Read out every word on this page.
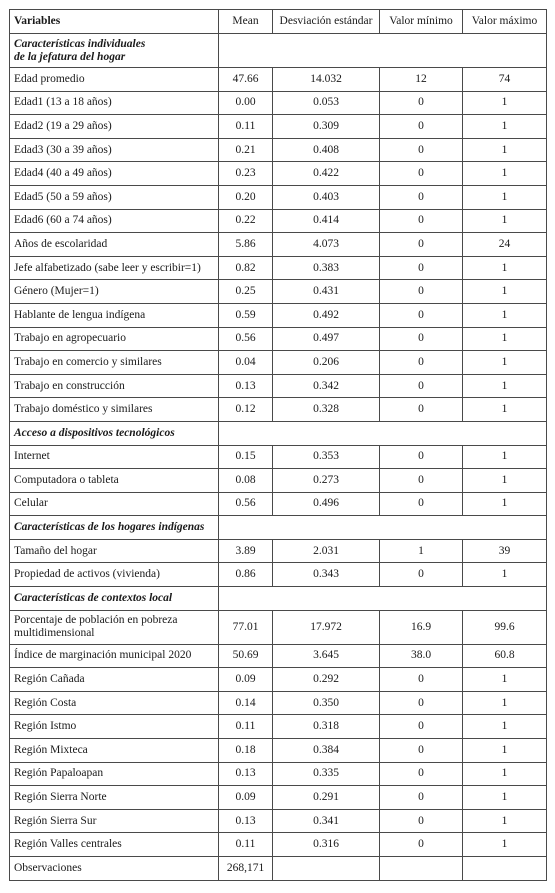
Variables	Mean	Desviación estándar	Valor mínimo	Valor máximo
Características individuales
de la jefatura del hogar				
Edad promedio	47.66	14.032	12	74
Edad1 (13 a 18 años)	0.00	0.053	0	1
Edad2 (19 a 29 años)	0.11	0.309	0	1
Edad3 (30 a 39 años)	0.21	0.408	0	1
Edad4 (40 a 49 años)	0.23	0.422	0	1
Edad5 (50 a 59 años)	0.20	0.403	0	1
Edad6 (60 a 74 años)	0.22	0.414	0	1
Años de escolaridad	5.86	4.073	0	24
Jefe alfabetizado (sabe leer y escribir=1)	0.82	0.383	0	1
Género (Mujer=1)	0.25	0.431	0	1
Hablante de lengua indígena	0.59	0.492	0	1
Trabajo en agropecuario	0.56	0.497	0	1
Trabajo en comercio y similares	0.04	0.206	0	1
Trabajo en construcción	0.13	0.342	0	1
Trabajo doméstico y similares	0.12	0.328	0	1
Acceso a dispositivos tecnológicos				
Internet	0.15	0.353	0	1
Computadora o tableta	0.08	0.273	0	1
Celular	0.56	0.496	0	1
Características de los hogares indígenas				
Tamaño del hogar	3.89	2.031	1	39
Propiedad de activos (vivienda)	0.86	0.343	0	1
Características de contextos local				
Porcentaje de población en pobreza multidimensional	77.01	17.972	16.9	99.6
Índice de marginación municipal 2020	50.69	3.645	38.0	60.8
Región Cañada	0.09	0.292	0	1
Región Costa	0.14	0.350	0	1
Región Istmo	0.11	0.318	0	1
Región Mixteca	0.18	0.384	0	1
Región Papaloapan	0.13	0.335	0	1
Región Sierra Norte	0.09	0.291	0	1
Región Sierra Sur	0.13	0.341	0	1
Región Valles centrales	0.11	0.316	0	1
Observaciones	268,171			
